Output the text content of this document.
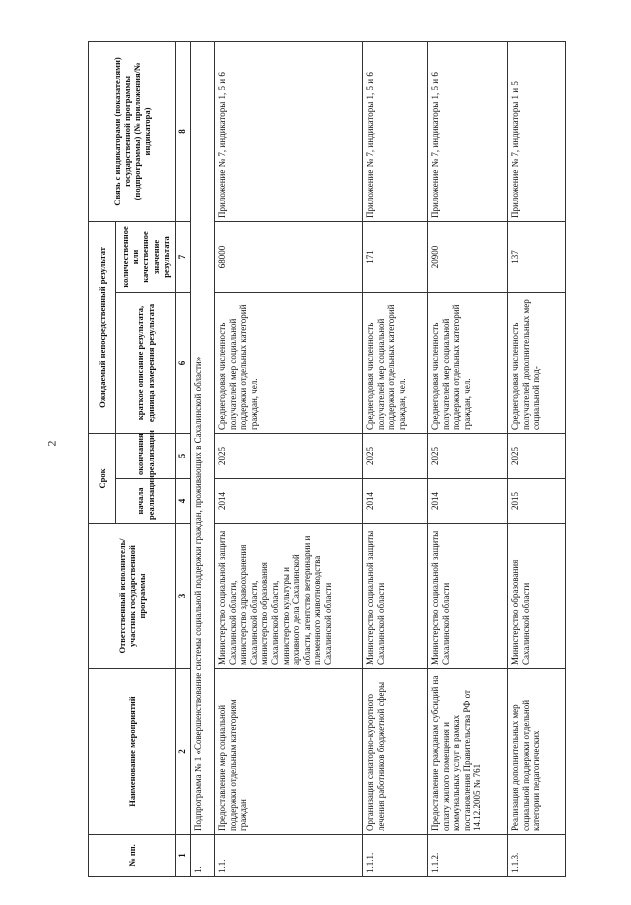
2
№ пп.	Наименование мероприятий	Ответственный исполнитель/участник государственной программы	Срок		Ожидаемый непосредственный результат		Связь с индикаторами (показателями) государственной программы (подпрограммы) (№ приложения/№ индикатора)
			начала реализации	окончания реализации	краткое описание результата, единица измерения результата	количественное или качественное значение результата	
1	2	3	4	5	6	7	8
1.	Подпрограмма № 1 «Совершенствование системы социальной поддержки граждан, проживающих в Сахалинской области»						
1.1.	Предоставление мер социальной поддержки отдельным категориям граждан	Министерство социальной защиты Сахалинской области, министерство здравоохранения Сахалинской области, министерство образования Сахалинской области, министерство культуры и архивного дела Сахалинской области, агентство ветеринарии и племенного животноводства Сахалинской области	2014	2025	Среднегодовая численность получателей мер социальной поддержки отдельных категорий граждан, чел.	68000	Приложение № 7, индикаторы 1, 5 и 6
1.1.1.	Организация санаторно-курортного лечения работников бюджетной сферы	Министерство социальной защиты Сахалинской области	2014	2025	Среднегодовая численность получателей мер социальной поддержки отдельных категорий граждан, чел.	171	Приложение № 7, индикаторы 1, 5 и 6
1.1.2.	Предоставление гражданам субсидий на оплату жилого помещения и коммунальных услуг в рамках постановления Правительства РФ от 14.12.2005 № 761	Министерство социальной защиты Сахалинской области	2014	2025	Среднегодовая численность получателей мер социальной поддержки отдельных категорий граждан, чел.	20900	Приложение № 7, индикаторы 1, 5 и 6
1.1.3.	Реализация дополнительных мер социальной поддержки отдельной категории педагогических	Министерство образования Сахалинской области	2015	2025	Среднегодовая численность получателей дополнительных мер социальной под-	137	Приложение № 7, индикаторы 1 и 5
